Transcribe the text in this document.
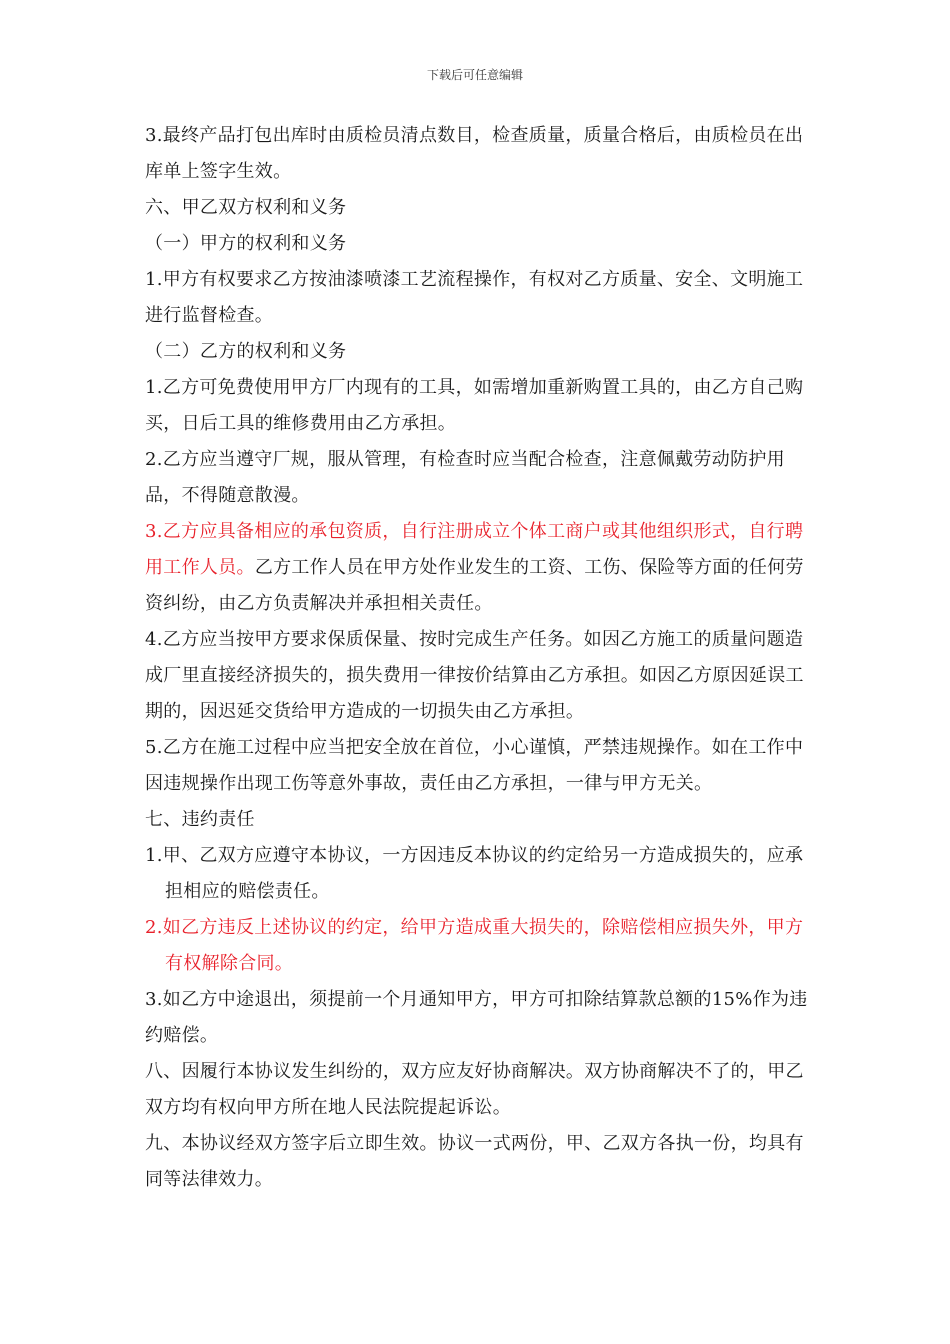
下载后可任意编辑

3.最终产品打包出库时由质检员清点数目，检查质量，质量合格后，由质检员在出库单上签字生效。

六、甲乙双方权利和义务

（一）甲方的权利和义务

1.甲方有权要求乙方按油漆喷漆工艺流程操作，有权对乙方质量、安全、文明施工进行监督检查。

（二）乙方的权利和义务

1.乙方可免费使用甲方厂内现有的工具，如需增加重新购置工具的，由乙方自己购买，日后工具的维修费用由乙方承担。

2.乙方应当遵守厂规，服从管理，有检查时应当配合检查，注意佩戴劳动防护用品，不得随意散漫。

3.乙方应具备相应的承包资质，自行注册成立个体工商户或其他组织形式，自行聘用工作人员。乙方工作人员在甲方处作业发生的工资、工伤、保险等方面的任何劳资纠纷，由乙方负责解决并承担相关责任。

4.乙方应当按甲方要求保质保量、按时完成生产任务。如因乙方施工的质量问题造成厂里直接经济损失的，损失费用一律按价结算由乙方承担。如因乙方原因延误工期的，因迟延交货给甲方造成的一切损失由乙方承担。

5.乙方在施工过程中应当把安全放在首位，小心谨慎，严禁违规操作。如在工作中因违规操作出现工伤等意外事故，责任由乙方承担，一律与甲方无关。

七、违约责任

1.甲、乙双方应遵守本协议，一方因违反本协议的约定给另一方造成损失的，应承担相应的赔偿责任。

2.如乙方违反上述协议的约定，给甲方造成重大损失的，除赔偿相应损失外，甲方有权解除合同。

3.如乙方中途退出，须提前一个月通知甲方，甲方可扣除结算款总额的15%作为违约赔偿。

八、因履行本协议发生纠纷的，双方应友好协商解决。双方协商解决不了的，甲乙双方均有权向甲方所在地人民法院提起诉讼。

九、本协议经双方签字后立即生效。协议一式两份，甲、乙双方各执一份，均具有同等法律效力。
